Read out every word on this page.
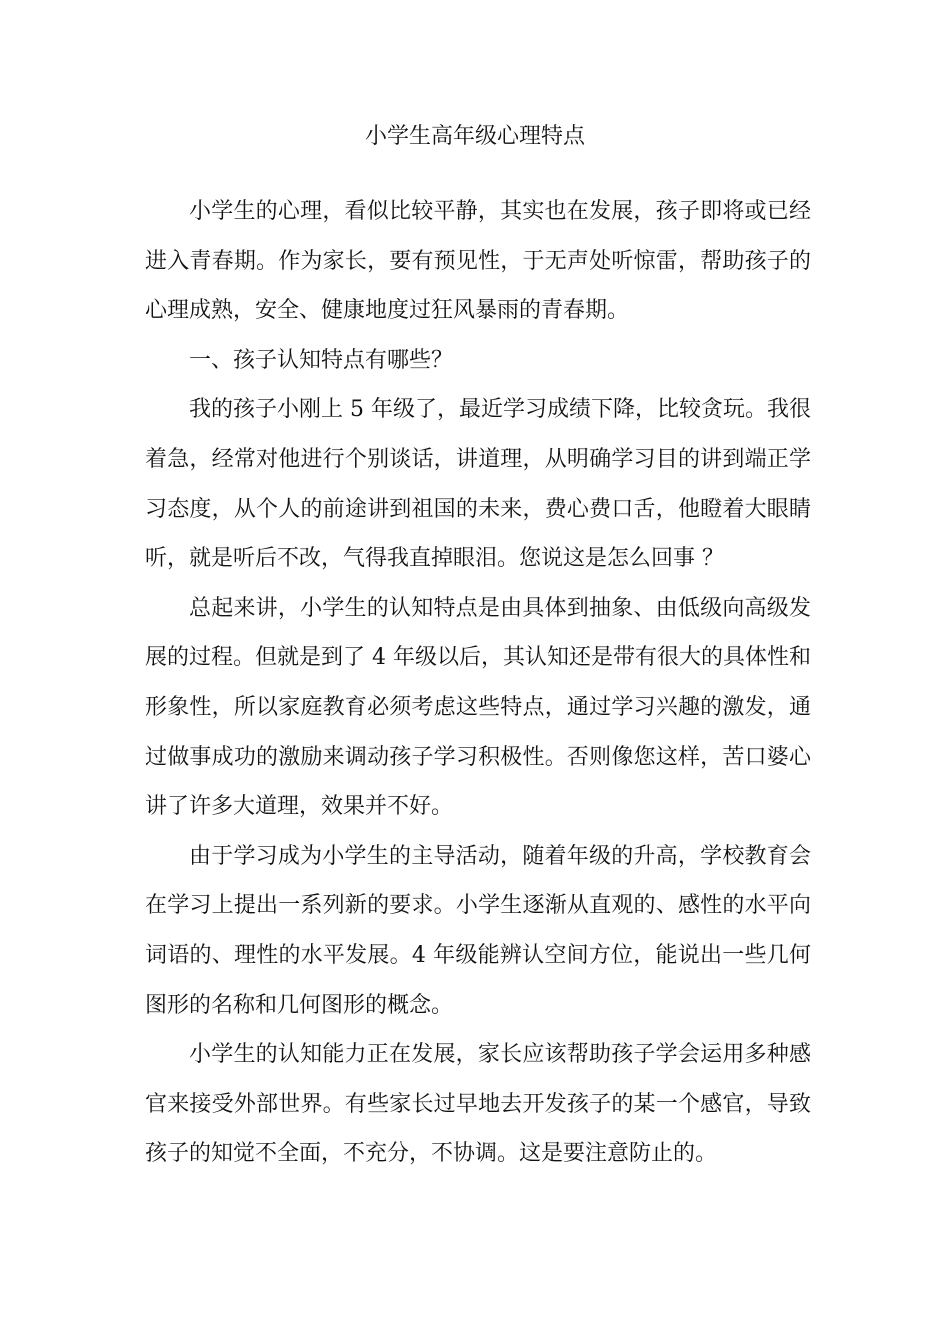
小学生高年级心理特点

小学生的心理，看似比较平静，其实也在发展，孩子即将或已经进入青春期。作为家长，要有预见性，于无声处听惊雷，帮助孩子的心理成熟，安全、健康地度过狂风暴雨的青春期。

一、孩子认知特点有哪些？

我的孩子小刚上 5 年级了，最近学习成绩下降，比较贪玩。我很着急，经常对他进行个别谈话，讲道理，从明确学习目的讲到端正学习态度，从个人的前途讲到祖国的未来，费心费口舌，他瞪着大眼睛听，就是听后不改，气得我直掉眼泪。您说这是怎么回事 ？

总起来讲，小学生的认知特点是由具体到抽象、由低级向高级发展的过程。但就是到了 4 年级以后，其认知还是带有很大的具体性和形象性，所以家庭教育必须考虑这些特点，通过学习兴趣的激发，通过做事成功的激励来调动孩子学习积极性。否则像您这样，苦口婆心讲了许多大道理，效果并不好。

由于学习成为小学生的主导活动，随着年级的升高，学校教育会在学习上提出一系列新的要求。小学生逐渐从直观的、感性的水平向词语的、理性的水平发展。4 年级能辨认空间方位，能说出一些几何图形的名称和几何图形的概念。

小学生的认知能力正在发展，家长应该帮助孩子学会运用多种感官来接受外部世界。有些家长过早地去开发孩子的某一个感官，导致孩子的知觉不全面，不充分，不协调。这是要注意防止的。
